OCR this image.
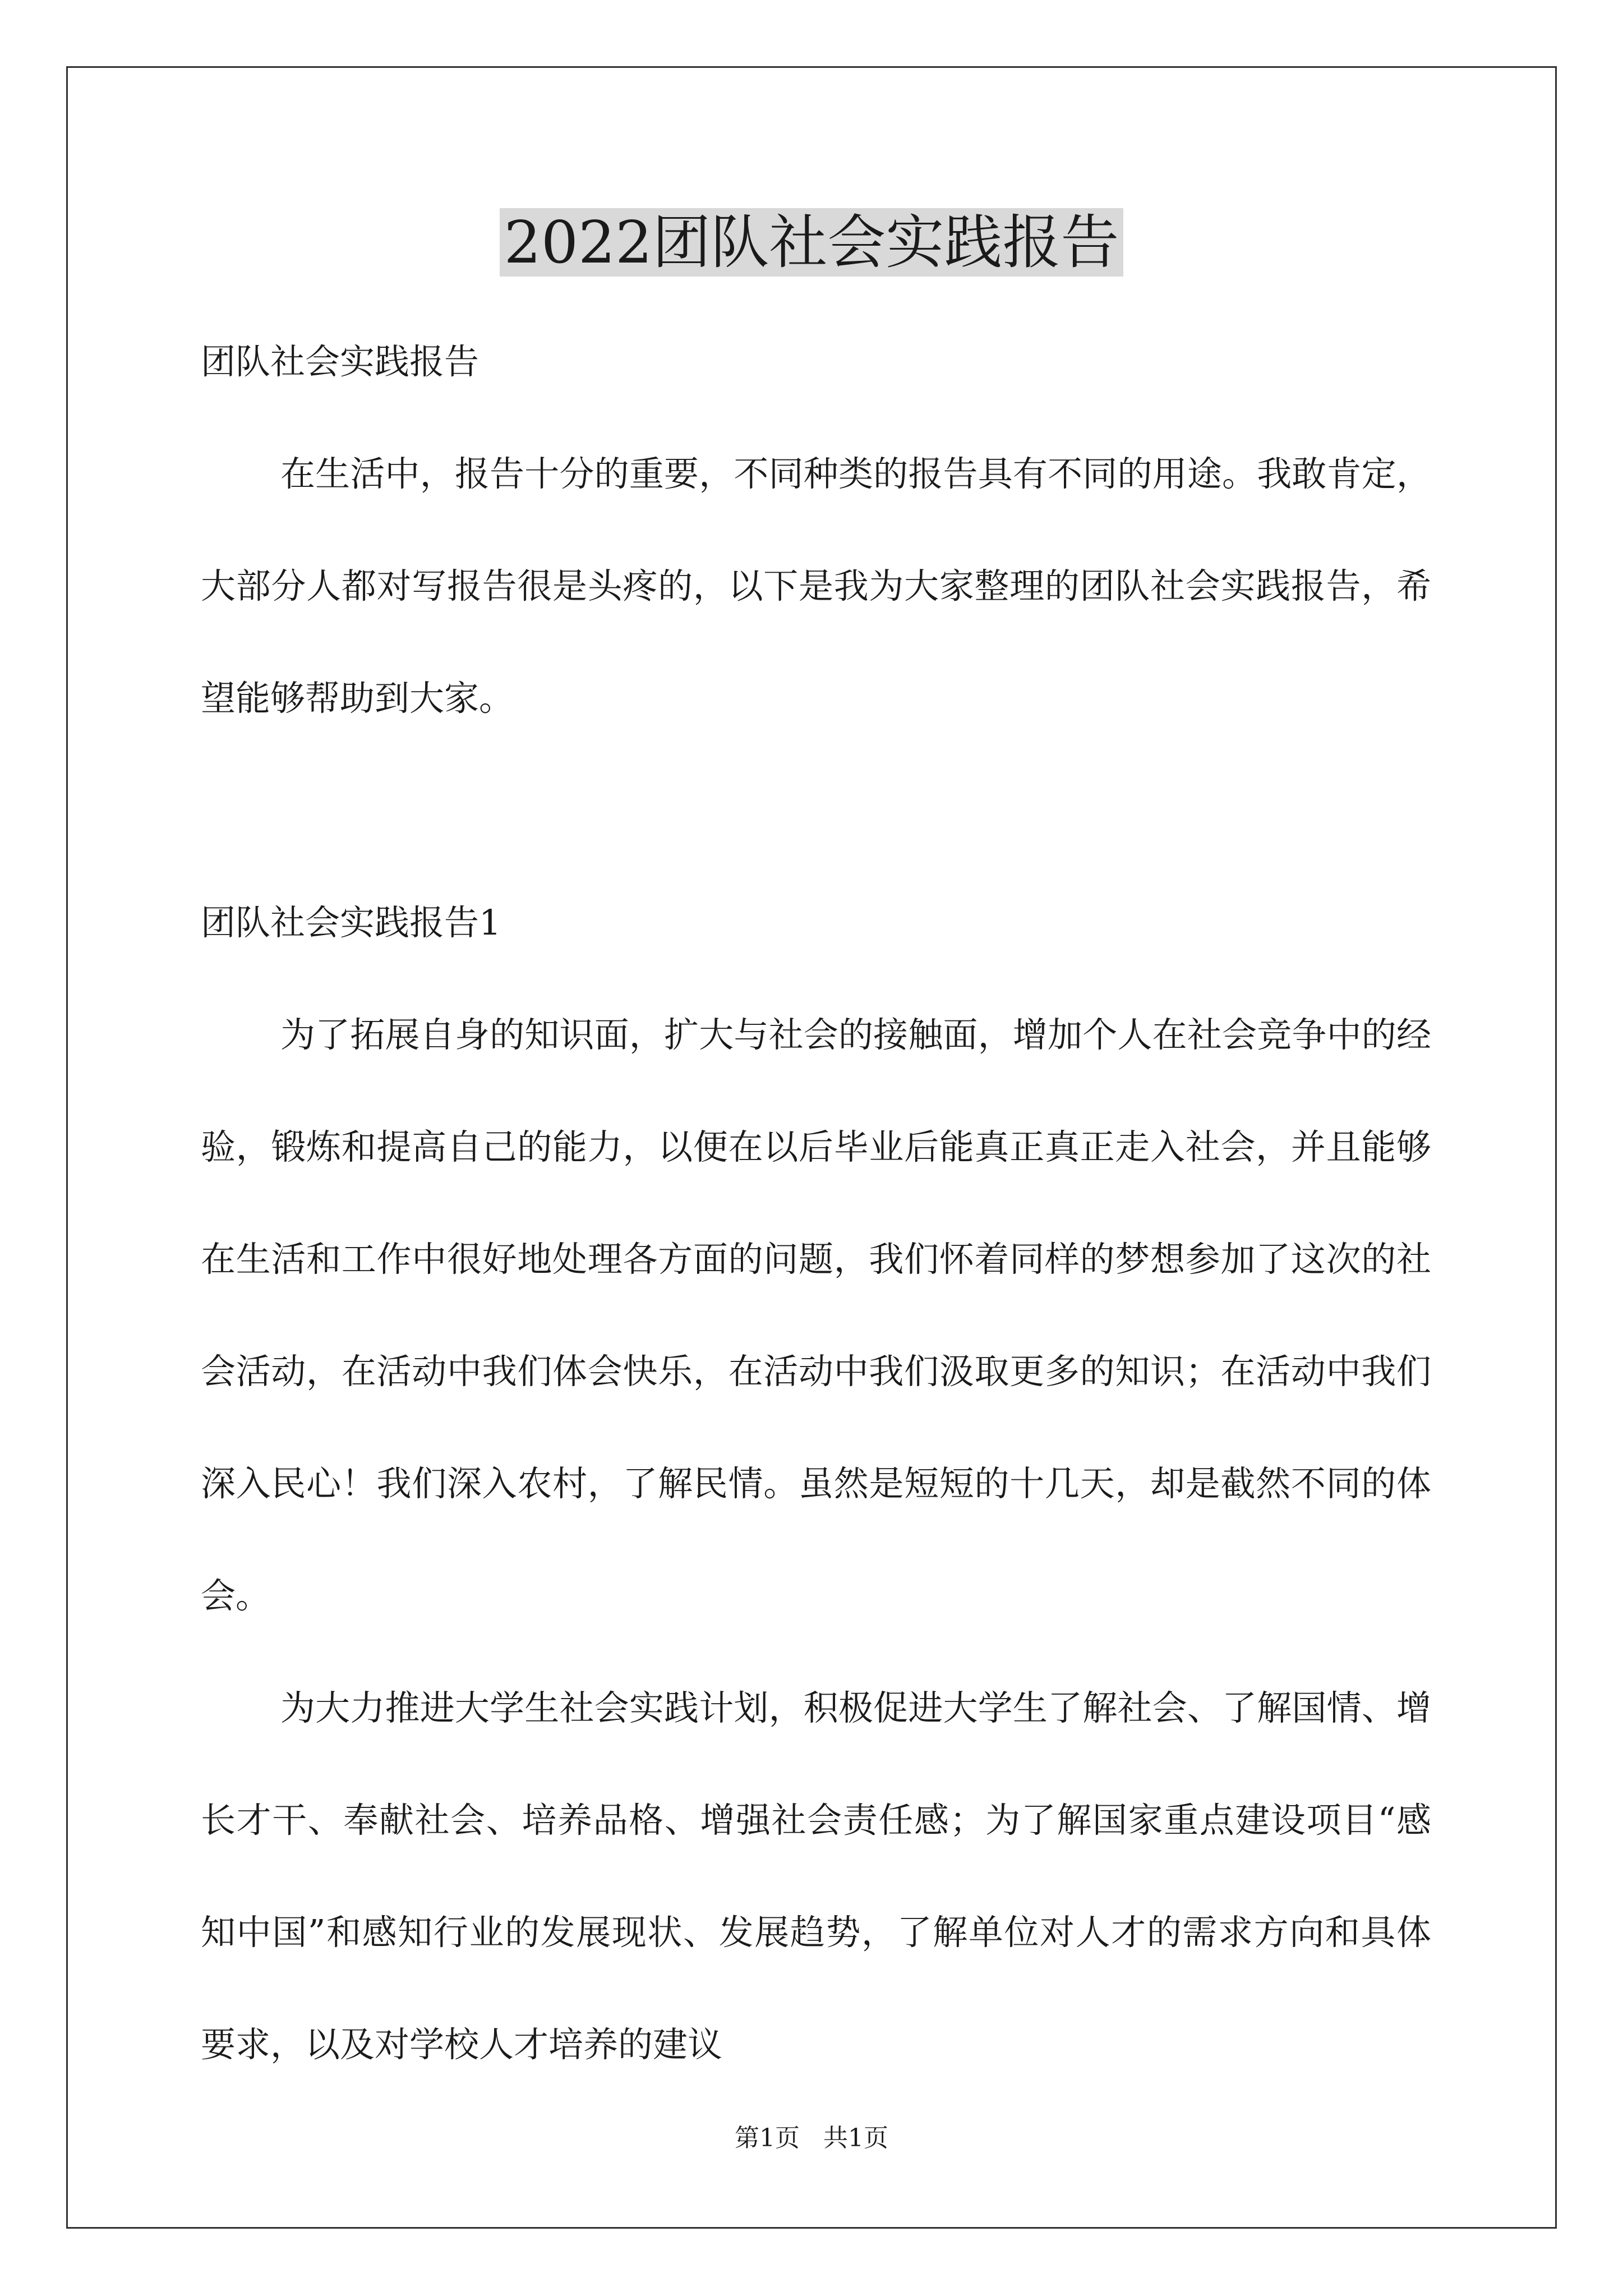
2022团队社会实践报告

团队社会实践报告

在生活中，报告十分的重要，不同种类的报告具有不同的用途。我敢肯定，大部分人都对写报告很是头疼的，以下是我为大家整理的团队社会实践报告，希望能够帮助到大家。

团队社会实践报告1

为了拓展自身的知识面，扩大与社会的接触面，增加个人在社会竞争中的经验，锻炼和提高自己的能力，以便在以后毕业后能真正真正走入社会，并且能够在生活和工作中很好地处理各方面的问题，我们怀着同样的梦想参加了这次的社会活动，在活动中我们体会快乐，在活动中我们汲取更多的知识；在活动中我们深入民心！我们深入农村，了解民情。虽然是短短的十几天，却是截然不同的体会。

为大力推进大学生社会实践计划，积极促进大学生了解社会、了解国情、增长才干、奉献社会、培养品格、增强社会责任感；为了解国家重点建设项目“感知中国”和感知行业的发展现状、发展趋势，了解单位对人才的需求方向和具体要求，以及对学校人才培养的建议

第1页   共1页
